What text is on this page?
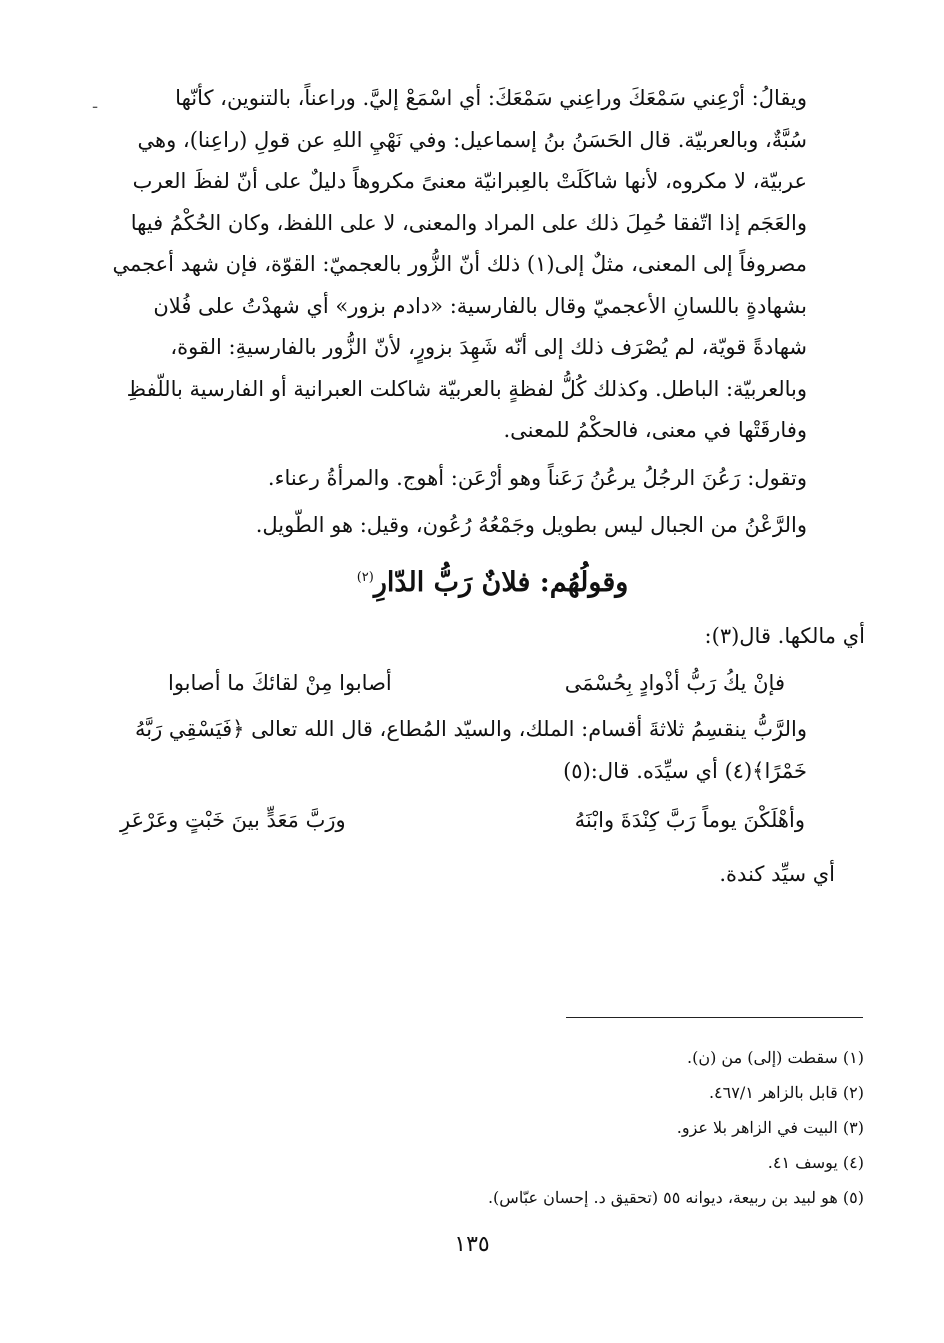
-	ويقالُ: أرْعِني سَمْعَكَ وراعِني سَمْعَكَ: أي اسْمَعْ إليَّ. وراعناً، بالتنوين، كأنّها
سُبَّةٌ، وبالعربيّة. قال الحَسَنُ بنُ إسماعيل: وفي نَهْيِ اللهِ عن قولِ (راعِنا)، وهي
عربيّة، لا مكروه، لأنها شاكَلَتْ بالعِبرانيّة معنىً مكروهاً دليلٌ على أنّ لفظَ العرب
والعَجَم إذا اتّفقا حُمِلَ ذلك على المراد والمعنى، لا على اللفظ، وكان الحُكْمُ فيها
مصروفاً إلى المعنى، مثلٌ إلى(١) ذلك أنّ الزُّور بالعجميّ: القوّة، فإن شهد أعجمي
بشهادةٍ باللسانِ الأعجميّ وقال بالفارسية: «دادم بزور» أي شهدْتُ على فُلان
شهادةً قويّة، لم يُصْرَف ذلك إلى أنّه شَهِدَ بزورٍ، لأنّ الزُّور بالفارسيةِ: القوة،
وبالعربيّة: الباطل. وكذلك كُلُّ لفظةٍ بالعربيّة شاكلت العبرانية أو الفارسية باللّفظِ
وفارقَتْها في معنى، فالحكْمُ للمعنى.
وتقول: رَعُنَ الرجُلُ يرعُنُ رَعَناً وهو أرْعَن: أهوج. والمرأةُ رعناء.
والرَّعْنُ من الجبال ليس بطويل وجَمْعُهُ رُعُون، وقيل: هو الطّويل.
وقولُهُم: فلانٌ رَبُّ الدّارِ$^{(٢)}$
أي مالكها. قال(٣):
فإنْ يكُ رَبُّ أذْوادٍ بِحُسْمَى
أصابوا مِنْ لقائكَ ما أصابوا
والرَّبُّ ينقسِمُ ثلاثةَ أقسام: الملك، والسيّد المُطاع، قال الله تعالى ﴿فَيَسْقِي رَبَّهُ
خَمْرًا﴾(٤) أي سيِّدَه. قال:(٥)
وأهْلَكْنَ يوماً رَبَّ كِنْدَةَ وابْنَهُ
ورَبَّ مَعَدٍّ بينَ خَبْتٍ وعَرْعَرِ
أي سيِّد كندة.
(١) سقطت (إلى) من (ن).
(٢) قابل بالزاهر ٤٦٧/١.
(٣) البيت في الزاهر بلا عزو.
(٤) يوسف ٤١.
(٥) هو لبيد بن ربيعة، ديوانه ٥٥ (تحقيق د. إحسان عبّاس).
١٣٥
